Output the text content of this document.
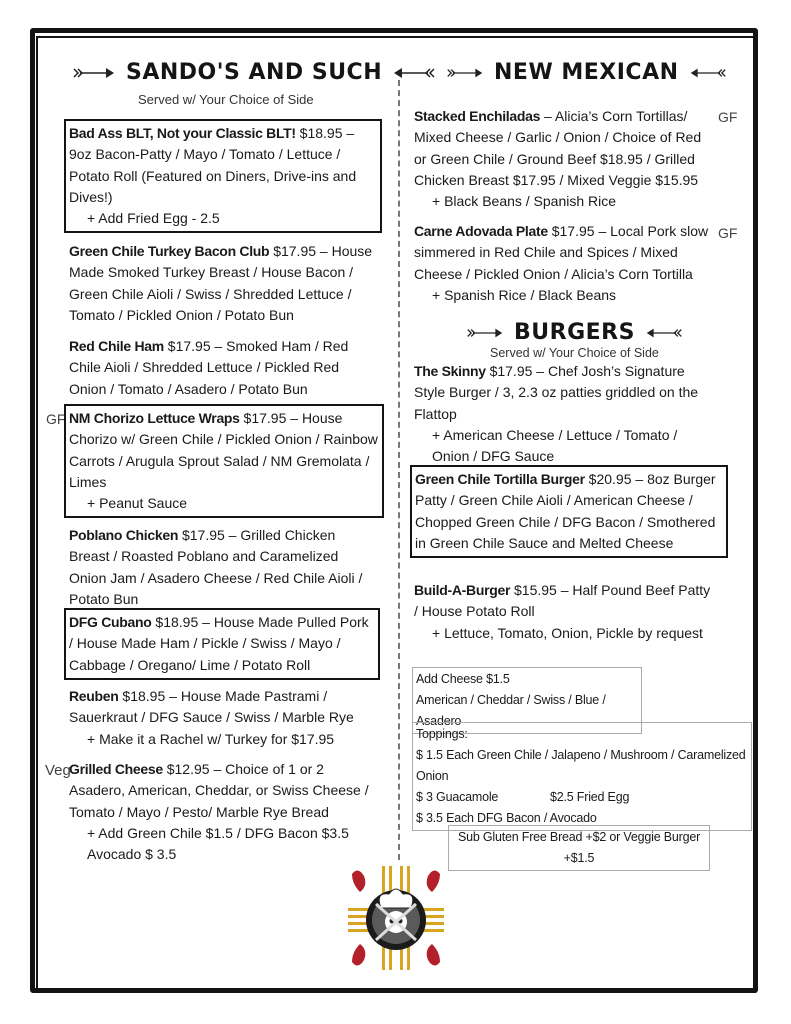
SANDO'S AND SUCH
Served w/ Your Choice of Side
Bad Ass BLT, Not your Classic BLT! $18.95 – 9oz Bacon-Patty / Mayo / Tomato / Lettuce / Potato Roll (Featured on Diners, Drive-ins and Dives!)
+ Add Fried Egg - 2.5
Green Chile Turkey Bacon Club $17.95 – House Made Smoked Turkey Breast / House Bacon / Green Chile Aioli / Swiss / Shredded Lettuce / Tomato / Pickled Onion / Potato Bun
Red Chile Ham $17.95 – Smoked Ham / Red Chile Aioli / Shredded Lettuce / Pickled Red Onion / Tomato / Asadero / Potato Bun
GF NM Chorizo Lettuce Wraps $17.95 – House Chorizo w/ Green Chile / Pickled Onion / Rainbow Carrots / Arugula Sprout Salad / NM Gremolata / Limes
+ Peanut Sauce
Poblano Chicken $17.95 – Grilled Chicken Breast / Roasted Poblano and Caramelized Onion Jam / Asadero Cheese / Red Chile Aioli / Potato Bun
DFG Cubano $18.95 – House Made Pulled Pork / House Made Ham / Pickle / Swiss / Mayo / Cabbage / Oregano/ Lime / Potato Roll
Reuben $18.95 – House Made Pastrami / Sauerkraut / DFG Sauce / Swiss / Marble Rye
+ Make it a Rachel w/ Turkey for $17.95
Veg
Grilled Cheese $12.95 – Choice of 1 or 2 Asadero, American, Cheddar, or Swiss Cheese / Tomato / Mayo / Pesto/ Marble Rye Bread
+ Add Green Chile $1.5 / DFG Bacon $3.5 Avocado $ 3.5
NEW MEXICAN
Stacked Enchiladas – Alicia’s Corn Tortillas/ Mixed Cheese / Garlic / Onion / Choice of Red or Green Chile / Ground Beef $18.95 / Grilled Chicken Breast $17.95 / Mixed Veggie $15.95
+ Black Beans / Spanish Rice
GF
Carne Adovada Plate $17.95 – Local Pork slow simmered in Red Chile and Spices / Mixed Cheese / Pickled Onion / Alicia’s Corn Tortilla
+ Spanish Rice / Black Beans
GF
BURGERS
Served w/ Your Choice of Side
The Skinny $17.95 – Chef Josh’s Signature Style Burger / 3, 2.3 oz patties griddled on the Flattop
+ American Cheese / Lettuce / Tomato / Onion / DFG Sauce
Green Chile Tortilla Burger $20.95 – 8oz Burger Patty / Green Chile Aioli / American Cheese / Chopped Green Chile / DFG Bacon / Smothered in Green Chile Sauce and Melted Cheese
Build-A-Burger $15.95 – Half Pound Beef Patty / House Potato Roll
+ Lettuce, Tomato, Onion, Pickle by request
Add Cheese $1.5
American / Cheddar / Swiss / Blue / Asadero
Toppings:
$ 1.5 Each Green Chile / Jalapeno / Mushroom / Caramelized Onion
$ 3 Guacamole	$2.5 Fried Egg
$ 3.5 Each DFG Bacon / Avocado
Sub Gluten Free Bread +$2 or Veggie Burger +$1.5
